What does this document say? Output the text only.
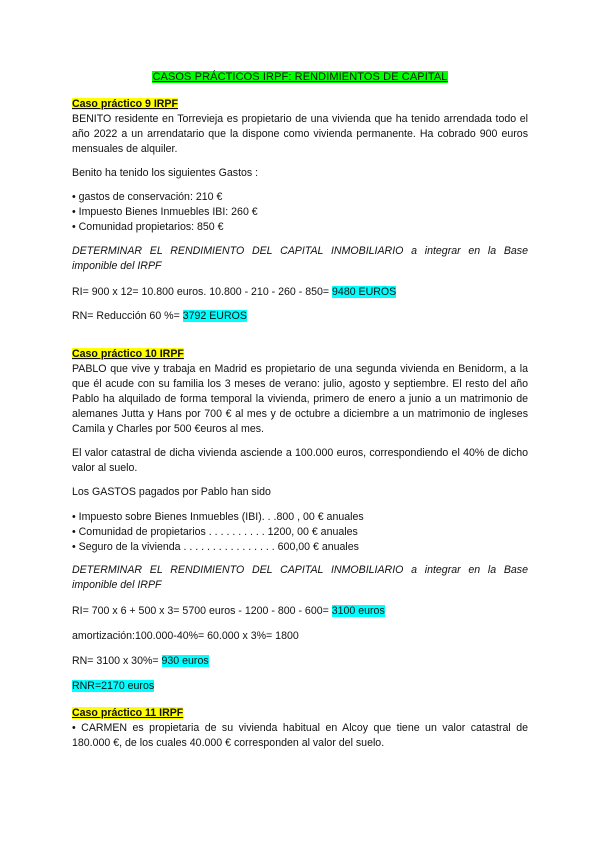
CASOS PRÁCTICOS IRPF: RENDIMIENTOS DE CAPITAL
Caso práctico 9 IRPF

BENITO residente en Torrevieja es propietario de una vivienda que ha tenido arrendada todo el año 2022 a un arrendatario que la dispone como vivienda permanente. Ha cobrado 900 euros mensuales de alquiler.

Benito ha tenido los siguientes Gastos :

• gastos de conservación: 210 €

• Impuesto Bienes Inmuebles IBI: 260 €

• Comunidad propietarios: 850 €

DETERMINAR EL RENDIMIENTO DEL CAPITAL INMOBILIARIO a integrar en la Base imponible del IRPF

RI= 900 x 12= 10.800 euros. 10.800 - 210 - 260 - 850= 9480 EUROS

RN= Reducción 60 %= 3792 EUROS

Caso práctico 10 IRPF

PABLO que vive y trabaja en Madrid es propietario de una segunda vivienda en Benidorm, a la que él acude con su familia los 3 meses de verano: julio, agosto y septiembre. El resto del año Pablo ha alquilado de forma temporal la vivienda, primero de enero a junio a un matrimonio de alemanes Jutta y Hans por 700 € al mes y de octubre a diciembre a un matrimonio de ingleses Camila y Charles por 500 €euros al mes.

El valor catastral de dicha vivienda asciende a 100.000 euros, correspondiendo el 40% de dicho valor al suelo.

Los GASTOS pagados por Pablo han sido

• Impuesto sobre Bienes Inmuebles (IBI). . .800 , 00 € anuales

• Comunidad de propietarios . . . . . . . . . . 1200, 00 € anuales

• Seguro de la vivienda . . . . . . . . . . . . . . . . 600,00 € anuales

DETERMINAR EL RENDIMIENTO DEL CAPITAL INMOBILIARIO a integrar en la Base imponible del IRPF

RI= 700 x 6 + 500 x 3= 5700 euros - 1200 - 800 - 600= 3100 euros

amortización:100.000-40%= 60.000 x 3%= 1800

RN= 3100 x 30%= 930 euros

RNR=2170 euros

Caso práctico 11 IRPF

• CARMEN es propietaria de su vivienda habitual en Alcoy que tiene un valor catastral de 180.000 €, de los cuales 40.000 € corresponden al valor del suelo.
